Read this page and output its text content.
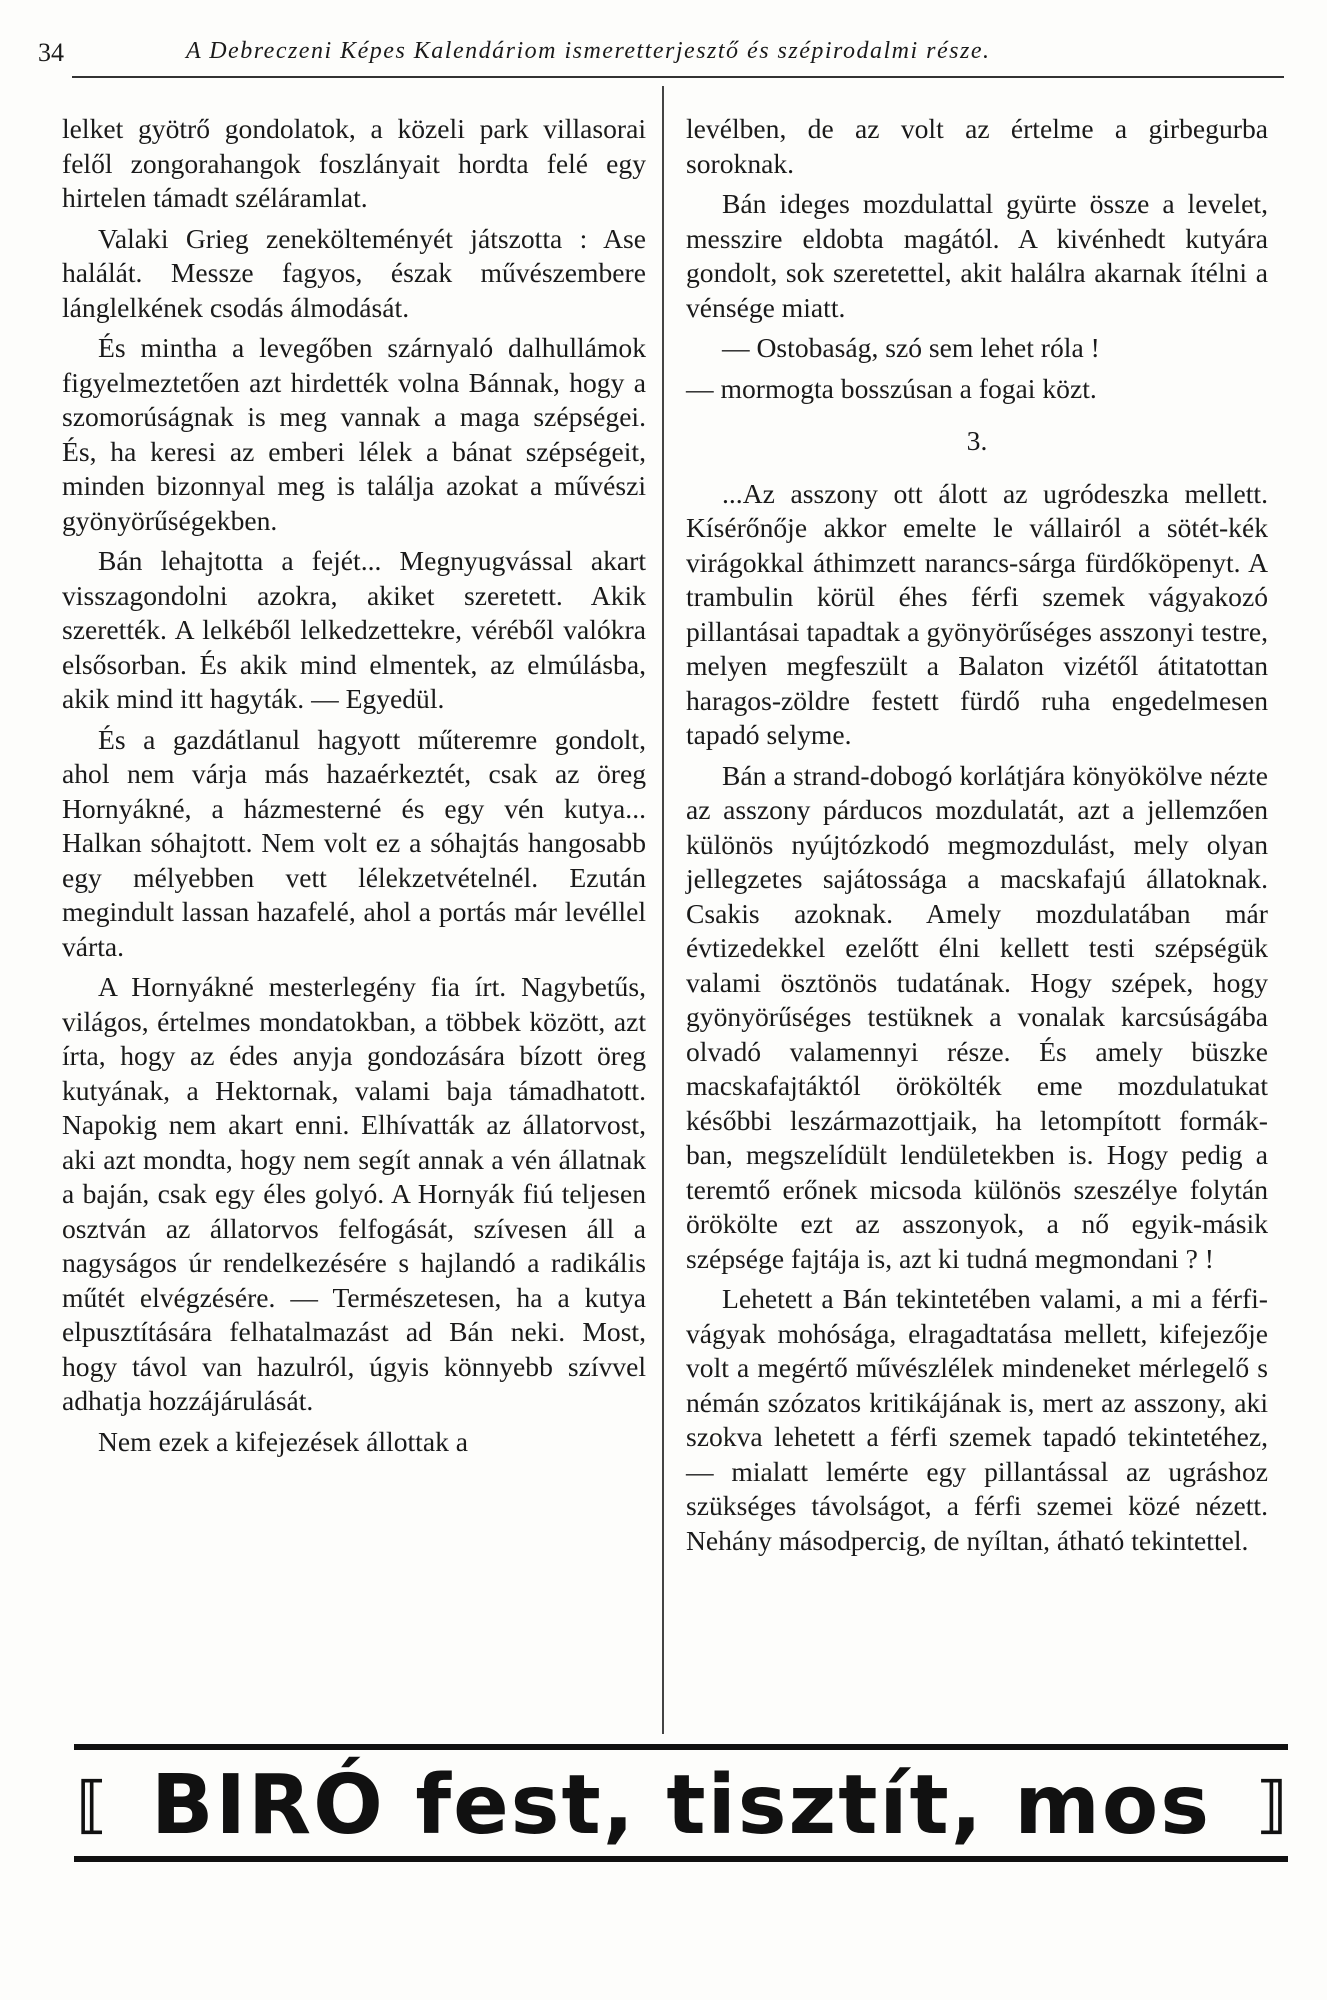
34	A Debreczeni Képes Kalendáriom ismeretterjesztő és szépirodalmi része.

lelket gyötrő gondolatok, a közeli park villasorai felől zongorahangok foszlányait hordta felé egy hirtelen támadt széláramlat.

Valaki Grieg zenekölteményét játszotta : Ase halálát. Messze fagyos, észak művészembere lánglelkének csodás álmodását.

És mintha a levegőben szárnyaló dalhullámok figyelmeztetően azt hirdették volna Bánnak, hogy a szomorúságnak is meg vannak a maga szépségei. És, ha keresi az emberi lélek a bánat szépségeit, minden bizonnyal meg is találja azokat a művészi gyönyörűségekben.

Bán lehajtotta a fejét... Megnyugvással akart visszagondolni azokra, akiket szeretett. Akik szerették. A lelkéből lelkedzettekre, véréből valókra elsősorban. És akik mind elmentek, az elmúlásba, akik mind itt hagyták. — Egyedül.

És a gazdátlanul hagyott műteremre gondolt, ahol nem várja más hazaérkeztét, csak az öreg Hornyákné, a házmesterné és egy vén kutya... Halkan sóhajtott. Nem volt ez a sóhajtás hangosabb egy mélyebben vett lélekzetvételnél. Ezután megindult lassan hazafelé, ahol a portás már levéllel várta.

A Hornyákné mesterlegény fia írt. Nagybetűs, világos, értelmes mondatokban, a többek között, azt írta, hogy az édes anyja gondozására bízott öreg kutyának, a Hektornak, valami baja támadhatott. Napokig nem akart enni. Elhívatták az állatorvost, aki azt mondta, hogy nem segít annak a vén állatnak a baján, csak egy éles golyó. A Hornyák fiú teljesen osztván az állatorvos felfogását, szívesen áll a nagyságos úr rendelkezésére s hajlandó a radikális műtét elvégzésére. — Természetesen, ha a kutya elpusztítására felhatalmazást ad Bán neki. Most, hogy távol van hazulról, úgyis könnyebb szívvel adhatja hozzájárulását.

Nem ezek a kifejezések állottak a

levélben, de az volt az értelme a girbegurba soroknak.

Bán ideges mozdulattal gyürte össze a levelet, messzire eldobta magától. A kivénhedt kutyára gondolt, sok szeretettel, akit halálra akarnak ítélni a vénsége miatt.

— Ostobaság, szó sem lehet róla !

— mormogta bosszúsan a fogai közt.

3.

...Az asszony ott álott az ugródeszka mellett. Kísérőnője akkor emelte le vállairól a sötét-kék virágokkal áthimzett narancs-sárga fürdőköpenyt. A trambulin körül éhes férfi szemek vágyakozó pillantásai tapadtak a gyönyörűséges asszonyi testre, melyen megfeszült a Balaton vizétől átitatottan haragos-zöldre festett fürdő ruha engedelmesen tapadó selyme.

Bán a strand-dobogó korlátjára könyökölve nézte az asszony párducos mozdulatát, azt a jellemzően különös nyújtózkodó megmozdulást, mely olyan jellegzetes sajátossága a macskafajú állatoknak. Csakis azoknak. Amely mozdulatában már évtizedekkel ezelőtt élni kellett testi szépségük valami ösztönös tudatának. Hogy szépek, hogy gyönyörűséges testüknek a vonalak karcsúságába olvadó valamennyi része. És amely büszke macskafajtáktól örökölték eme mozdulatukat későbbi leszármazottjaik, ha letompított formák-ban, megszelídült lendületekben is. Hogy pedig a teremtő erőnek micsoda különös szeszélye folytán örökölte ezt az asszonyok, a nő egyik-másik szépsége fajtája is, azt ki tudná megmondani ? !

Lehetett a Bán tekintetében valami, a mi a férfi-vágyak mohósága, elragadtatása mellett, kifejezője volt a megértő művészlélek mindeneket mérlegelő s némán szózatos kritikájának is, mert az asszony, aki szokva lehetett a férfi szemek tapadó tekintetéhez, — mialatt lemérte egy pillantással az ugráshoz szükséges távolságot, a férfi szemei közé nézett. Nehány másodpercig, de nyíltan, átható tekintettel.

⟦ BIRÓ fest, tisztít, mos ⟧
